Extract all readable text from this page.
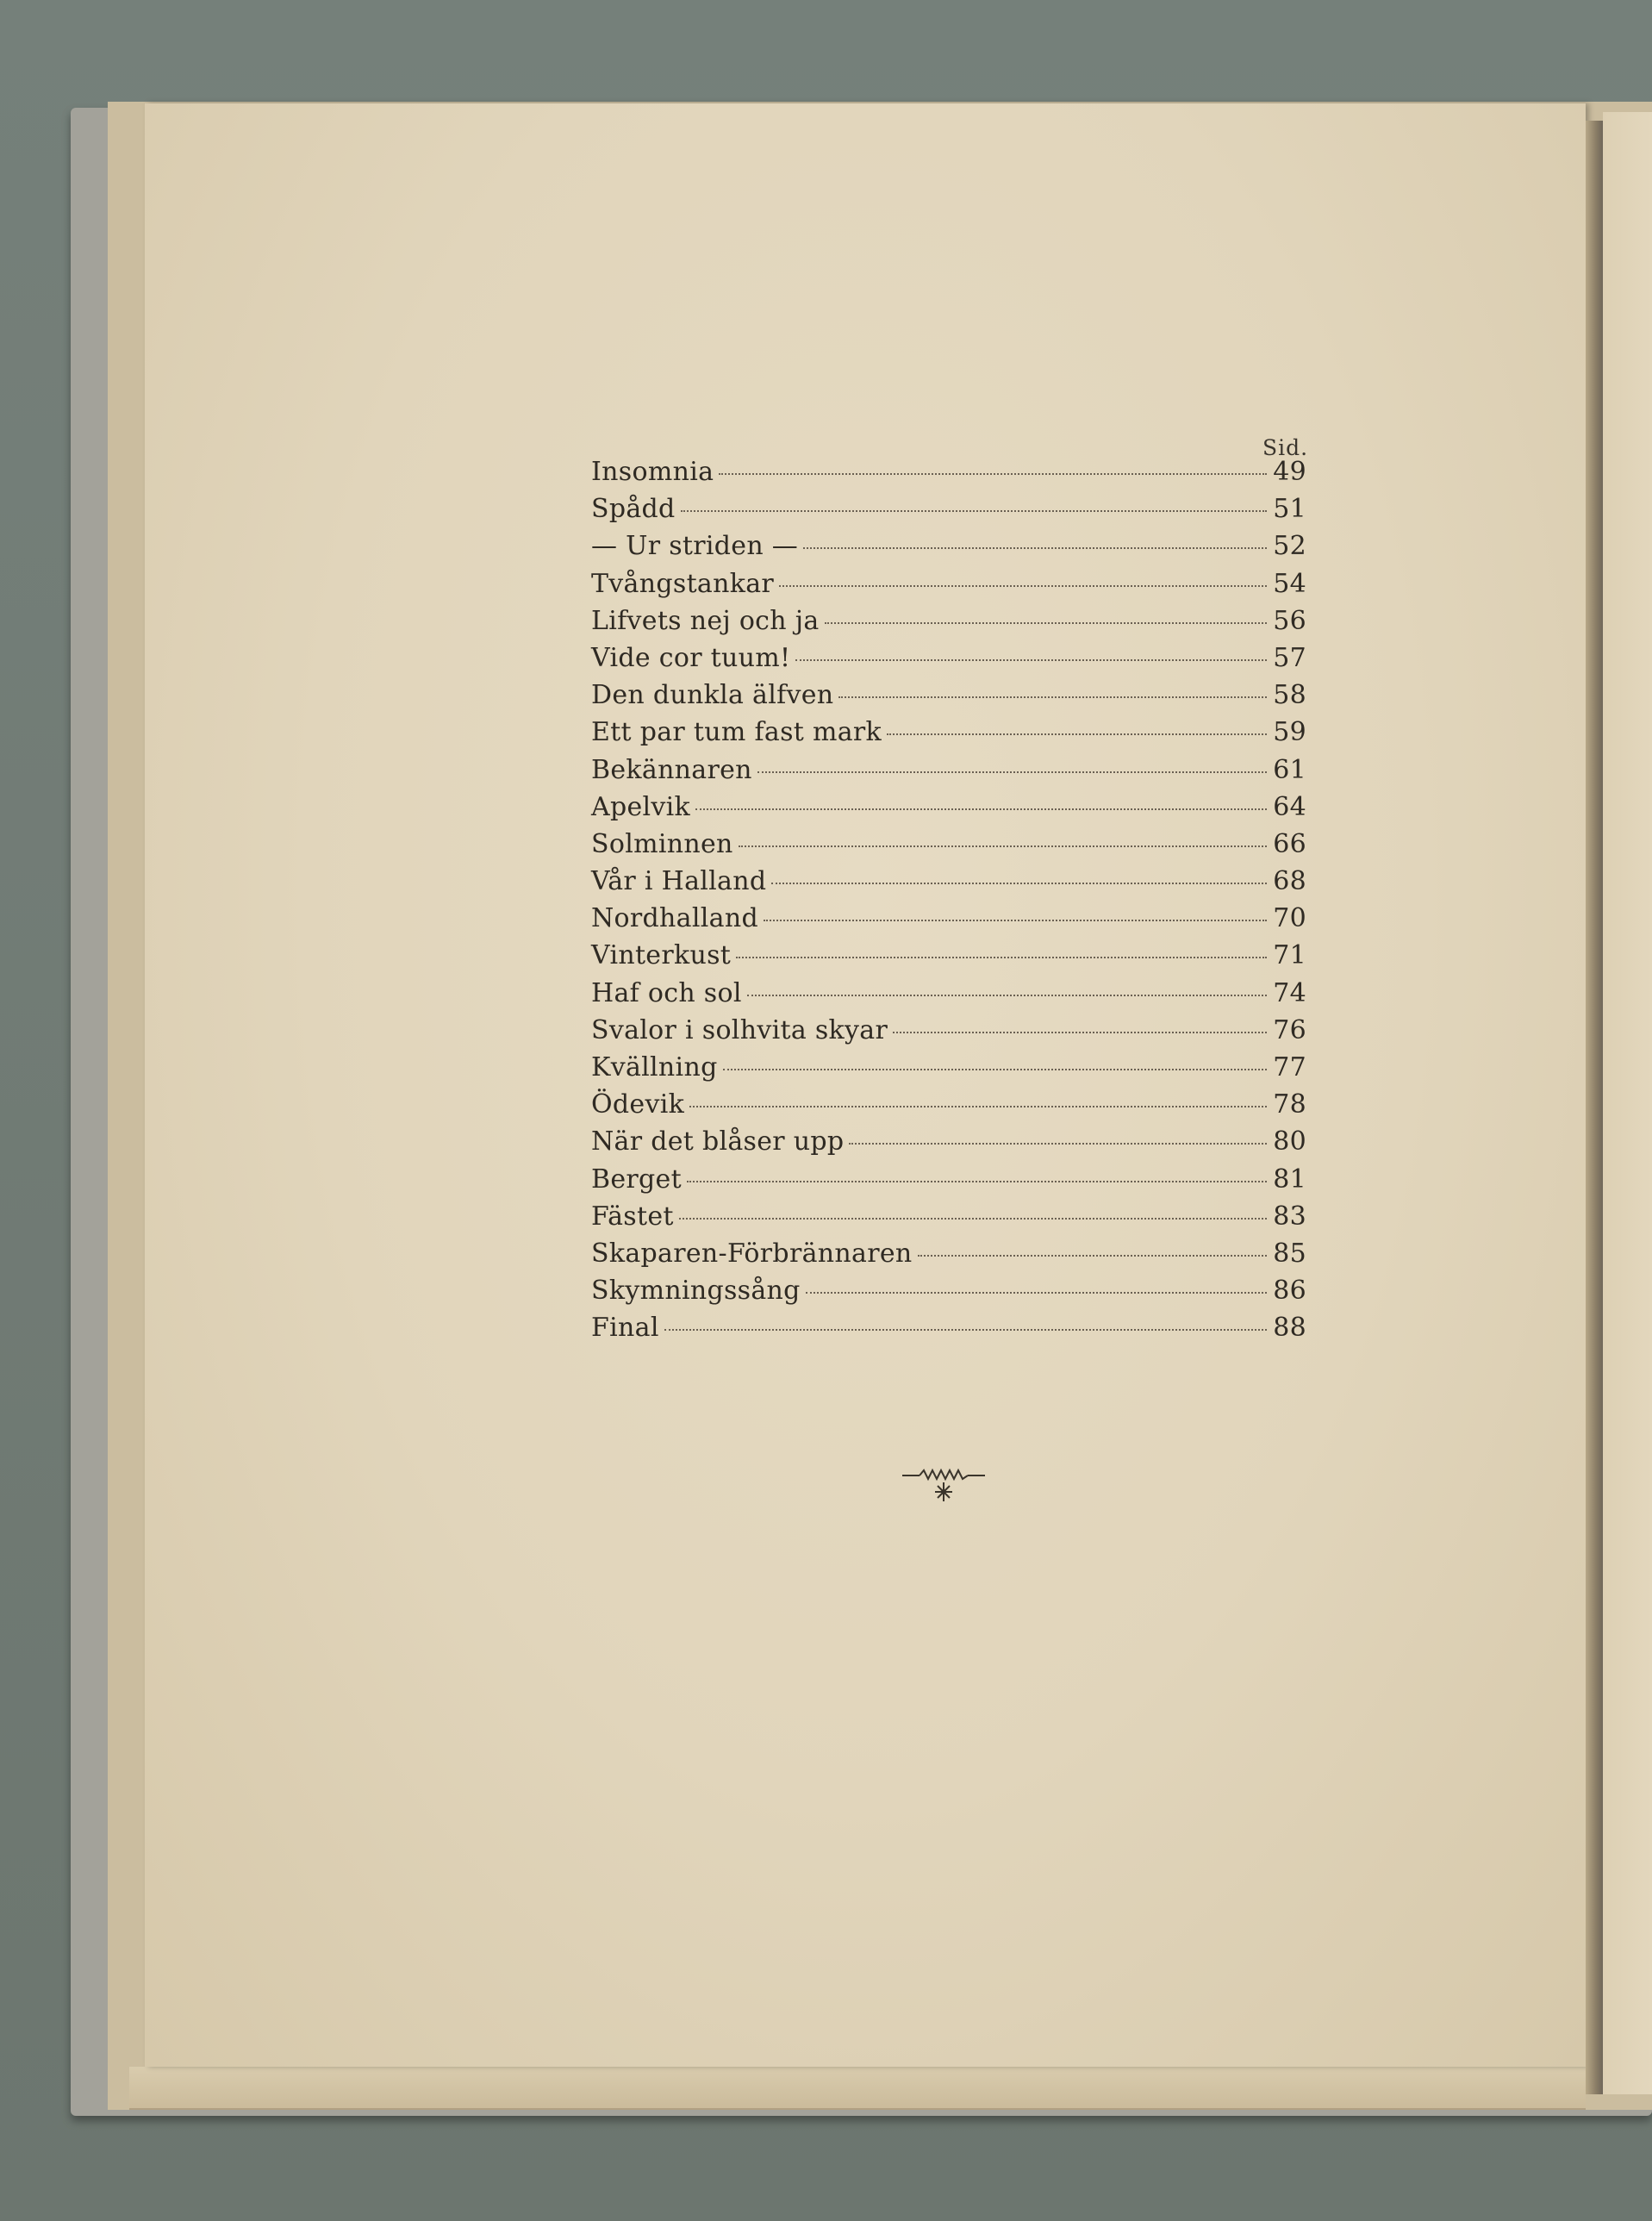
Sid.
Insomnia	49
Spådd	51
— Ur striden —	52
Tvångstankar	54
Lifvets nej och ja	56
Vide cor tuum!	57
Den dunkla älfven	58
Ett par tum fast mark	59
Bekännaren	61
Apelvik	64
Solminnen	66
Vår i Halland	68
Nordhalland	70
Vinterkust	71
Haf och sol	74
Svalor i solhvita skyar	76
Kvällning	77
Ödevik	78
När det blåser upp	80
Berget	81
Fästet	83
Skaparen-Förbrännaren	85
Skymningssång	86
Final	88
